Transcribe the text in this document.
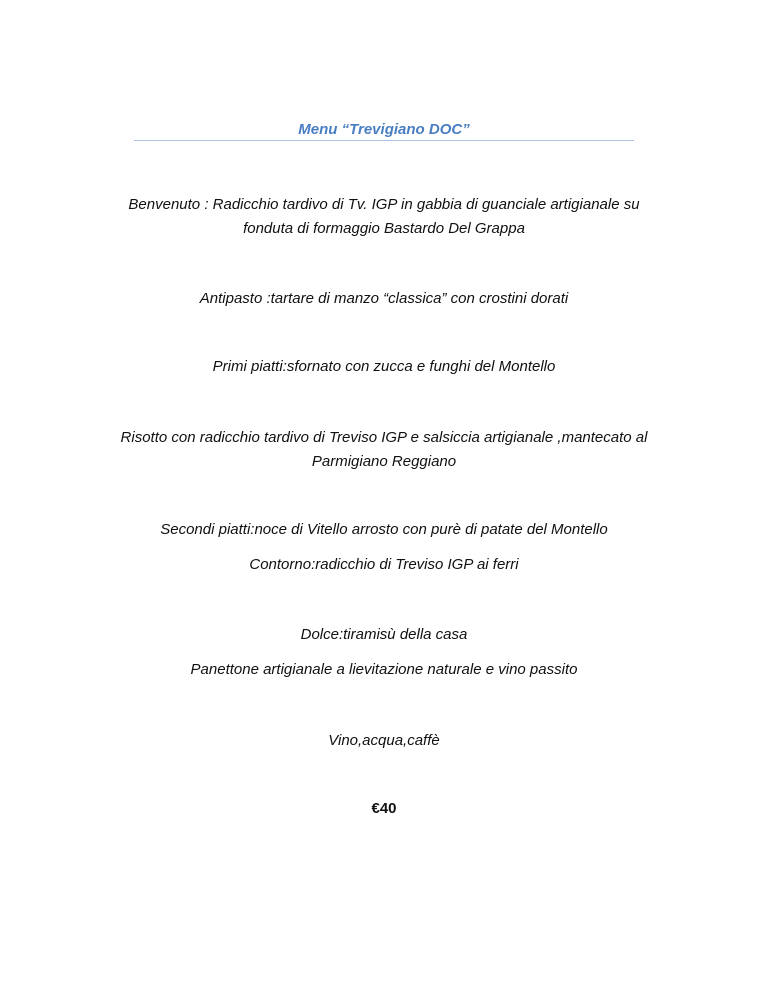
Menu “Trevigiano DOC”
Benvenuto : Radicchio tardivo di Tv. IGP in gabbia di guanciale artigianale su
fonduta di formaggio Bastardo Del Grappa
Antipasto :tartare di manzo “classica” con crostini dorati
Primi piatti:sfornato con zucca e funghi del Montello
Risotto con radicchio tardivo di Treviso IGP e salsiccia artigianale ,mantecato al
Parmigiano Reggiano
Secondi piatti:noce di Vitello arrosto con purè di patate del Montello
Contorno:radicchio di Treviso IGP ai ferri
Dolce:tiramisù della casa
Panettone artigianale a lievitazione naturale e vino passito
Vino,acqua,caffè
€40
